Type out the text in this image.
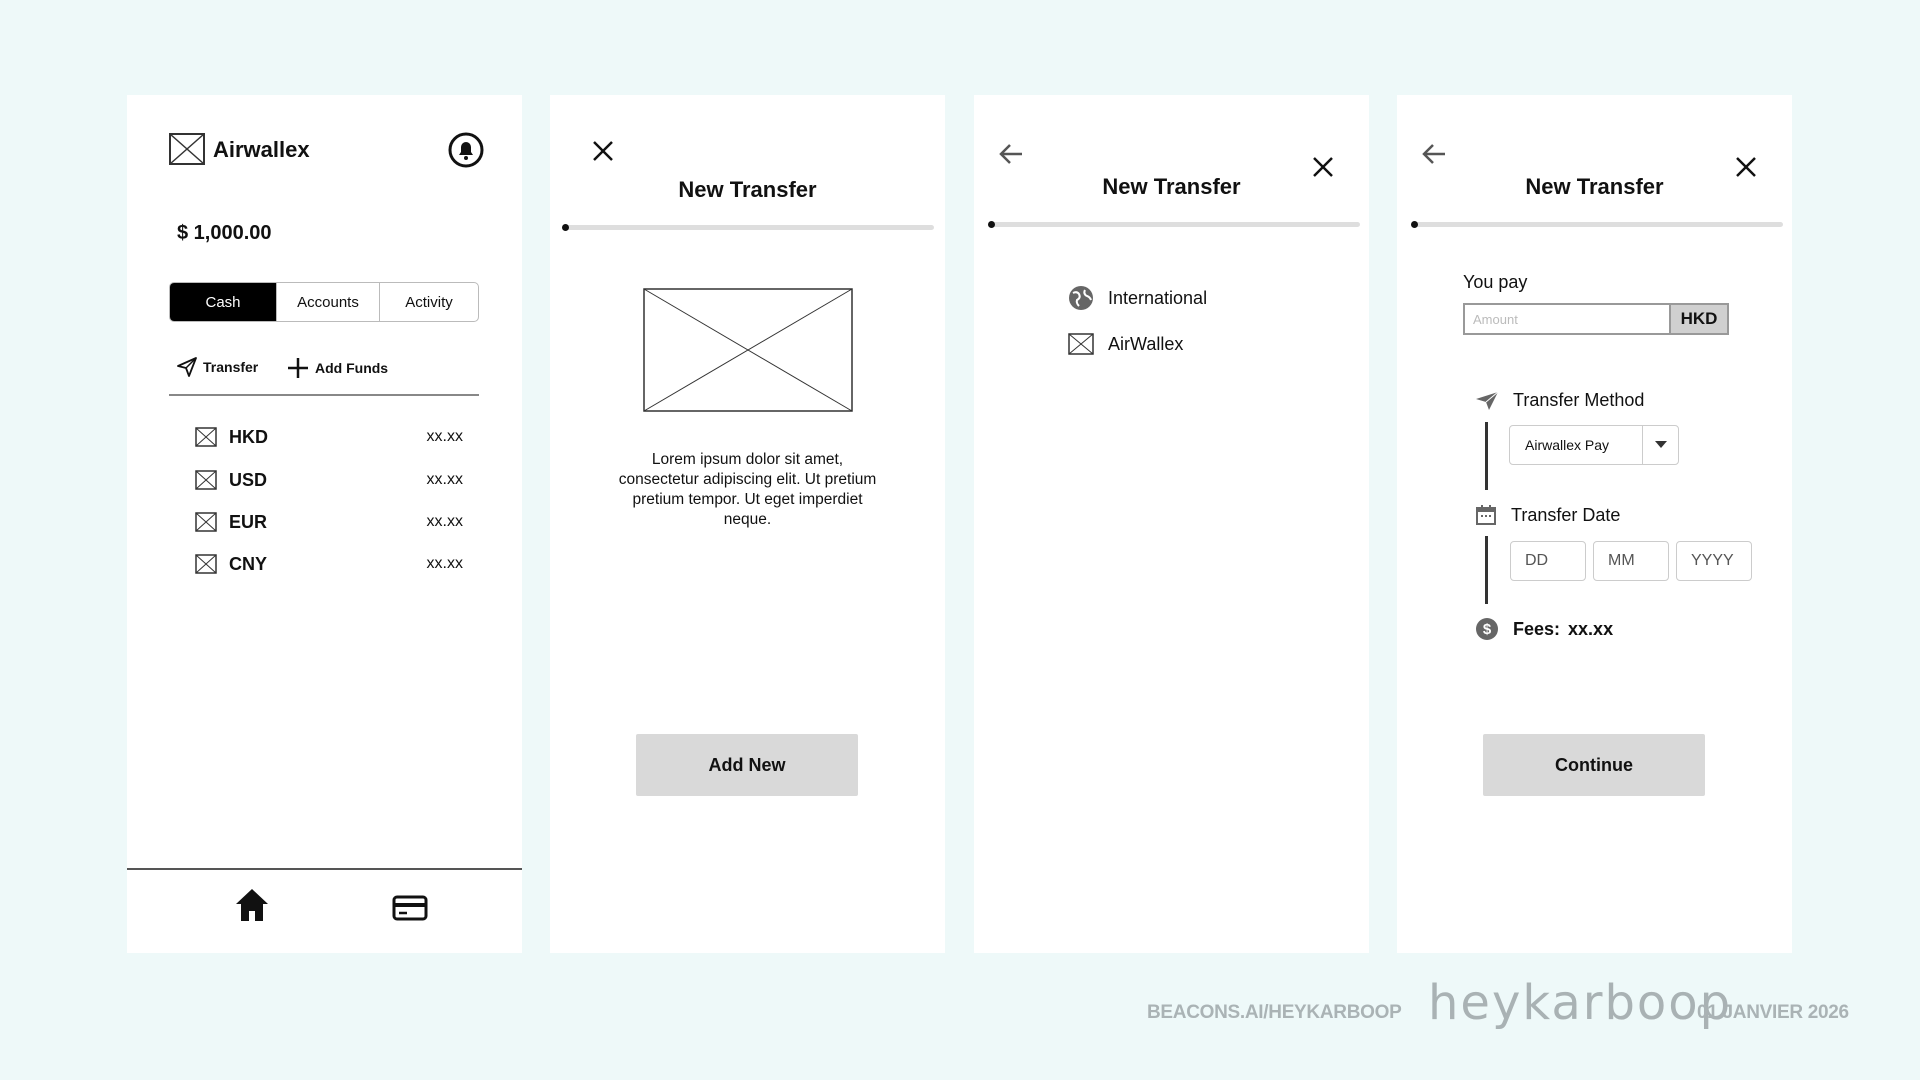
Airwallex
$ 1,000.00
Cash	Accounts	Activity
Transfer	Add Funds
HKD	xx.xx
USD	xx.xx
EUR	xx.xx
CNY	xx.xx
New Transfer
Lorem ipsum dolor sit amet, consectetur adipiscing elit. Ut pretium pretium tempor. Ut eget imperdiet neque.
Add New
New Transfer
International
AirWallex
New Transfer
You pay
Amount	HKD
Transfer Method
Airwallex Pay
Transfer Date
DD	MM	YYYY
$ Fees: xx.xx
Continue
BEACONS.AI/HEYKARBOOP heykarboop
01 JANVIER 2026
